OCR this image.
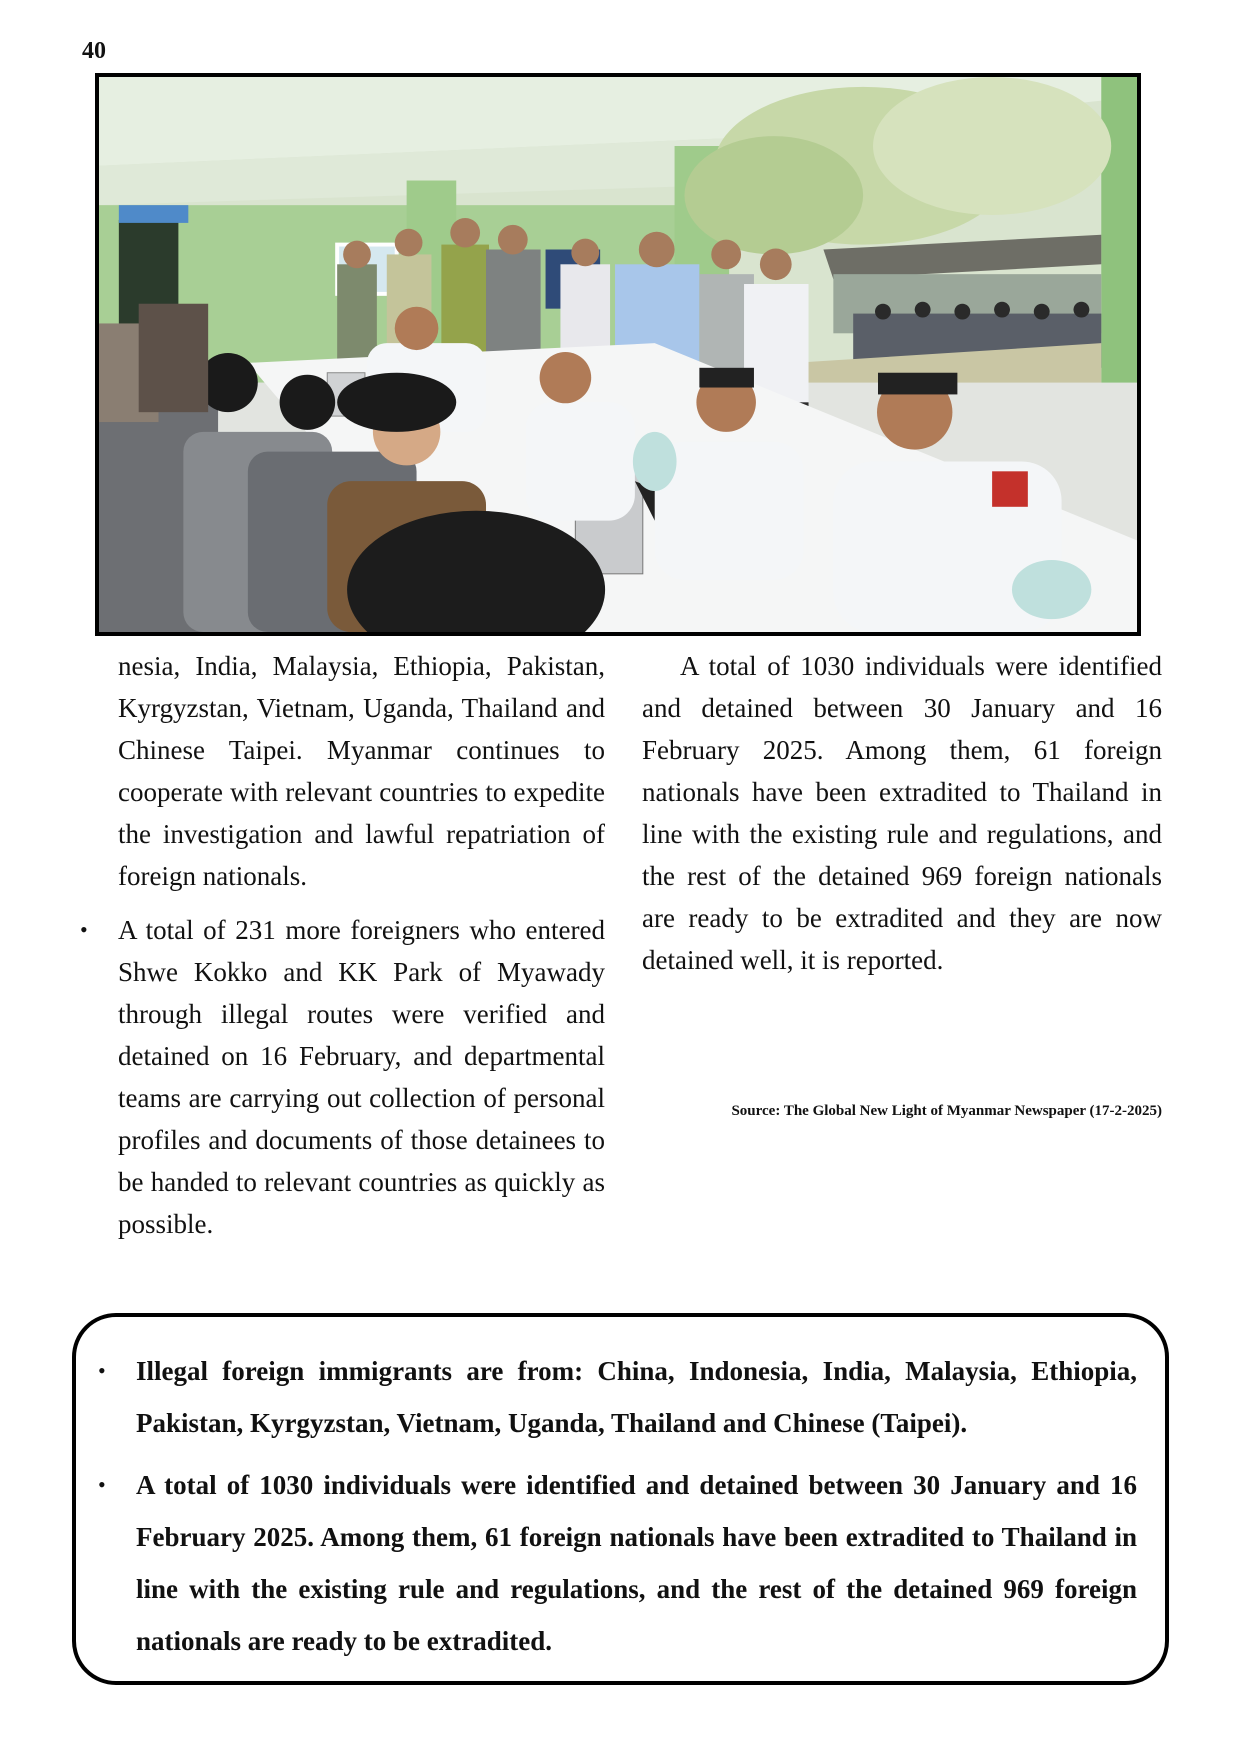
40

nesia, India, Malaysia, Ethiopia, Pakistan, Kyrgyzstan, Vietnam, Uganda, Thailand and Chinese Taipei. Myanmar continues to cooperate with relevant countries to expedite the investigation and lawful repatriation of foreign nationals.

• A total of 231 more foreigners who entered Shwe Kokko and KK Park of Myawady through illegal routes were verified and detained on 16 February, and departmental teams are carrying out collection of personal profiles and documents of those detainees to be handed to relevant countries as quickly as possible.

A total of 1030 individuals were identified and detained between 30 January and 16 February 2025. Among them, 61 foreign nationals have been extradited to Thailand in line with the existing rule and regulations, and the rest of the detained 969 foreign nationals are ready to be extradited and they are now detained well, it is reported.

Source: The Global New Light of Myanmar Newspaper (17-2-2025)
• Illegal foreign immigrants are from: China, Indonesia, India, Malaysia, Ethiopia, Pakistan, Kyrgyzstan, Vietnam, Uganda, Thailand and Chinese (Taipei).
• A total of 1030 individuals were identified and detained between 30 January and 16 February 2025. Among them, 61 foreign nationals have been extradited to Thailand in line with the existing rule and regulations, and the rest of the detained 969 foreign nationals are ready to be extradited.
